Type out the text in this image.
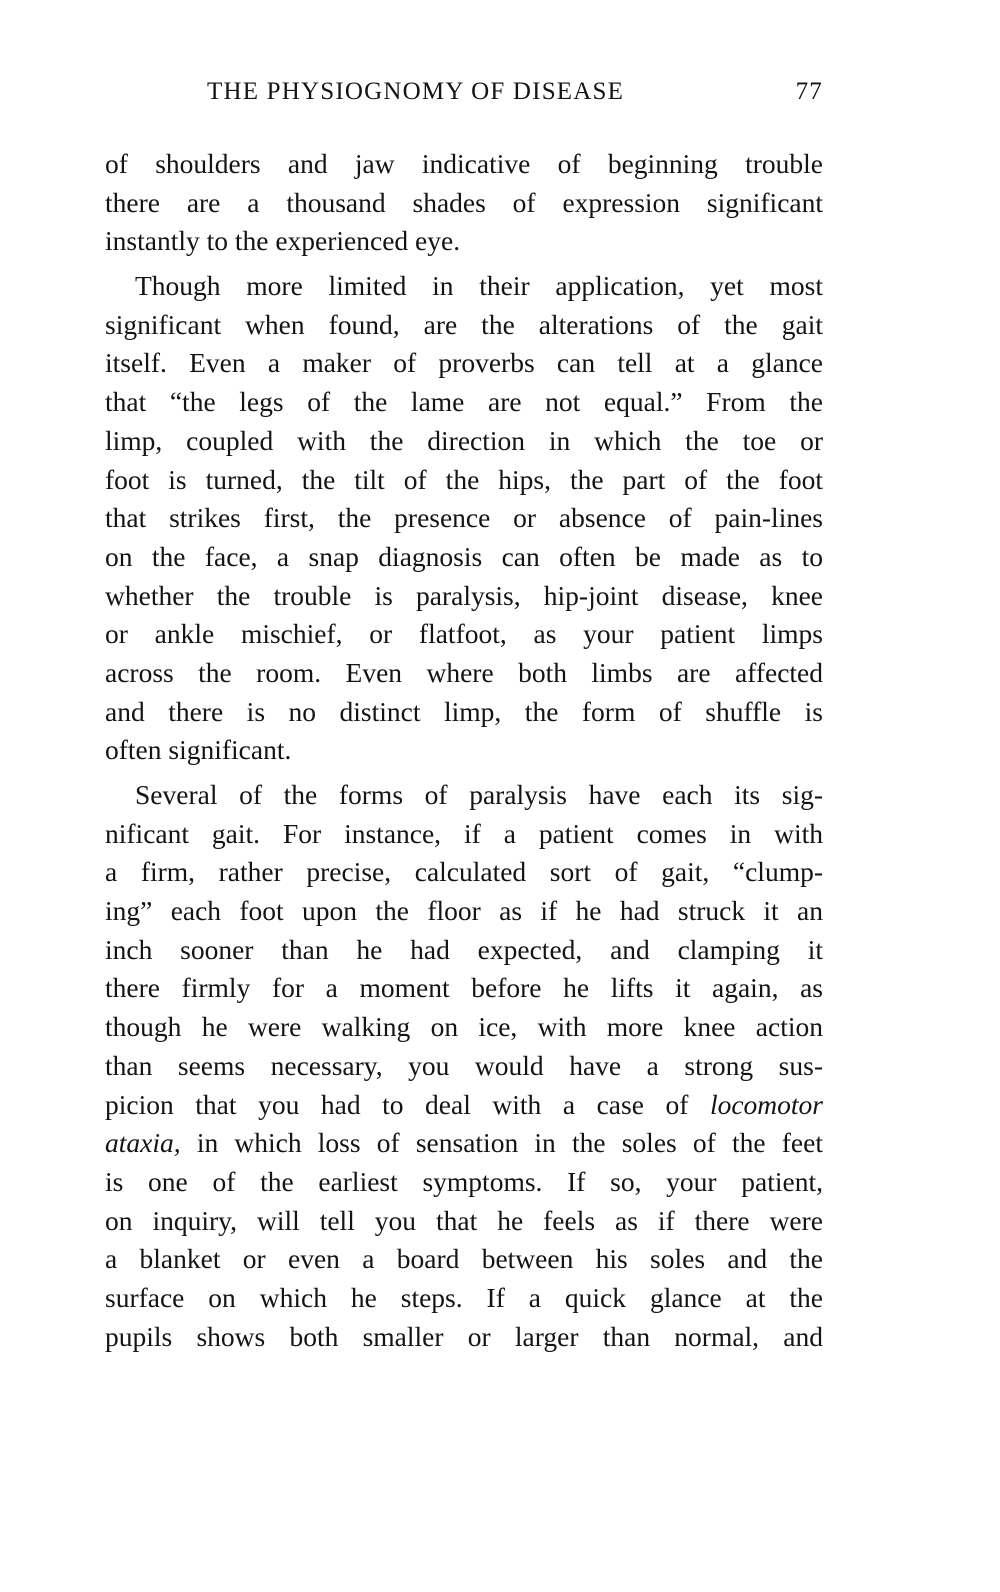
THE PHYSIOGNOMY OF DISEASE	77
of shoulders and jaw indicative of beginning trouble
there are a thousand shades of expression significant
instantly to the experienced eye.
Though more limited in their application, yet most
significant when found, are the alterations of the gait
itself. Even a maker of proverbs can tell at a glance
that “the legs of the lame are not equal.” From the
limp, coupled with the direction in which the toe or
foot is turned, the tilt of the hips, the part of the foot
that strikes first, the presence or absence of pain-lines
on the face, a snap diagnosis can often be made as to
whether the trouble is paralysis, hip-joint disease, knee
or ankle mischief, or flatfoot, as your patient limps
across the room. Even where both limbs are affected
and there is no distinct limp, the form of shuffle is
often significant.
Several of the forms of paralysis have each its sig-
nificant gait. For instance, if a patient comes in with
a firm, rather precise, calculated sort of gait, “clump-
ing” each foot upon the floor as if he had struck it an
inch sooner than he had expected, and clamping it
there firmly for a moment before he lifts it again, as
though he were walking on ice, with more knee action
than seems necessary, you would have a strong sus-
picion that you had to deal with a case of locomotor
ataxia, in which loss of sensation in the soles of the feet
is one of the earliest symptoms. If so, your patient,
on inquiry, will tell you that he feels as if there were
a blanket or even a board between his soles and the
surface on which he steps. If a quick glance at the
pupils shows both smaller or larger than normal, and
